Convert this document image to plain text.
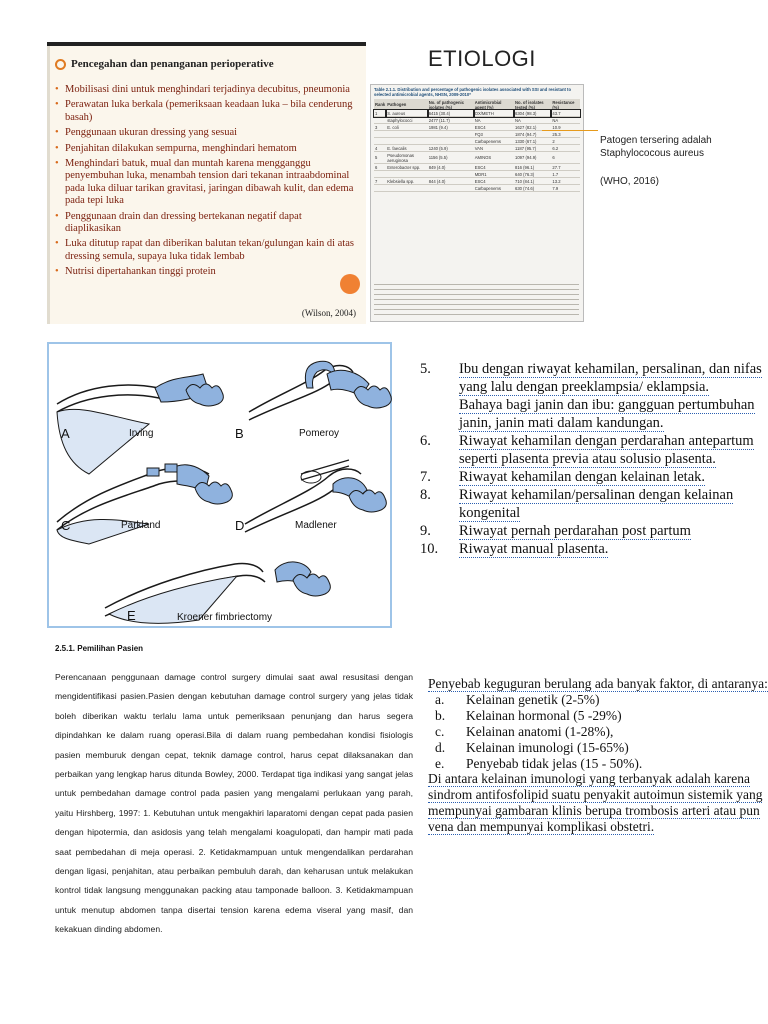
Pencegahan dan penanganan perioperative
• Mobilisasi dini untuk menghindari terjadinya decubitus, pneumonia
• Perawatan luka berkala (pemeriksaan keadaan luka – bila cenderung basah)
• Penggunaan ukuran dressing yang sesuai
• Penjahitan dilakukan sempurna, menghindari hematom
• Menghindari batuk, mual dan muntah karena mengganggu penyembuhan luka, menambah tension dari tekanan intraabdominal pada luka diluar tarikan gravitasi, jaringan dibawah kulit, dan edema pada tepi luka
• Penggunaan drain dan dressing bertekanan negatif dapat diaplikasikan
• Luka ditutup rapat dan diberikan balutan tekan/gulungan kain di atas dressing semula, supaya luka tidak lembab
• Nutrisi dipertahankan tinggi protein
(Wilson, 2004)
ETIOLOGI
Table 2.1.1. Distribution and percentage of pathogenic isolates associated with SSI and resistant to selected antimicrobial agents, NHSN, 2009-2010*
Rank	Pathogen	No. of pathogenic isolates (%)	Antimicrobial agent (%)	No. of isolates tested (%)	Resistance (%)
1	S. aureus	6415 (30.4)	OX/METH	6304 (98.3)	43.7
	staphylococci	2477 (11.7)	NA	NA	NA
3	E. coli	1981 (9.4)	ESC4	1627 (82.1)	10.9
			FQ3	1874 (94.7)	25.3
			Carbapenems	1330 (67.1)	2
4	E. faecalis	1240 (5.9)	VAN	1187 (95.7)	6.2
5	Pseudomonas aeruginosa	1156 (5.5)	AMINOS	1097 (94.9)	6
6	Enterobacter spp.	849 (4.0)	ESC4	816 (96.1)	27.7
			MDR1	640 (76.3)	1.7
7	Klebsiella spp.	844 (4.0)	ESC4	710 (84.1)	13.2
			Carbapenems	630 (74.6)	7.9
Patogen tersering adalah Staphylococous aureus
(WHO, 2016)
A	Irving	B	Pomeroy
C	Parkland	D	Madlener
E	Kroener fimbriectomy
5. Ibu dengan riwayat kehamilan, persalinan, dan nifas yang lalu dengan preeklampsia/ eklampsia.
Bahaya bagi janin dan ibu: gangguan pertumbuhan janin, janin mati dalam kandungan.
6. Riwayat kehamilan dengan perdarahan antepartum seperti plasenta previa atau solusio plasenta.
7. Riwayat kehamilan dengan kelainan letak.
8. Riwayat kehamilan/persalinan dengan kelainan kongenital
9. Riwayat pernah perdarahan post partum
10. Riwayat manual plasenta.
2.5.1. Pemilihan Pasien
Perencanaan penggunaan damage control surgery dimulai saat awal resusitasi dengan mengidentifikasi pasien.Pasien dengan kebutuhan damage control surgery yang jelas tidak boleh diberikan waktu terlalu lama untuk pemeriksaan penunjang dan harus segera dipindahkan ke dalam ruang operasi.Bila di dalam ruang pembedahan kondisi fisiologis pasien memburuk dengan cepat, teknik damage control, harus cepat dilaksanakan dan perbaikan yang lengkap harus ditunda Bowley, 2000. Terdapat tiga indikasi yang sangat jelas untuk pembedahan damage control pada pasien yang mengalami perlukaan yang parah, yaitu Hirshberg, 1997: 1. Kebutuhan untuk mengakhiri laparatomi dengan cepat pada pasien dengan hipotermia, dan asidosis yang telah mengalami koagulopati, dan hampir mati pada saat pembedahan di meja operasi. 2. Ketidakmampuan untuk mengendalikan perdarahan dengan ligasi, penjahitan, atau perbaikan pembuluh darah, dan keharusan untuk melakukan kontrol tidak langsung menggunakan packing atau tamponade balloon. 3. Ketidakmampuan untuk menutup abdomen tanpa disertai tension karena edema viseral yang masif, dan kekakuan dinding abdomen.

Penyebab keguguran berulang ada banyak faktor, di antaranya:

a. Kelainan genetik (2-5%)
b. Kelainan hormonal (5 -29%)
c. Kelainan anatomi (1-28%),
d. Kelainan imunologi (15-65%)
e. Penyebab tidak jelas (15 - 50%).

Di antara kelainan imunologi yang terbanyak adalah karena sindrom antifosfolipid suatu penyakit autoimun sistemik yang mempunyai gambaran klinis berupa trombosis arteri atau pun vena dan mempunyai komplikasi obstetri.
